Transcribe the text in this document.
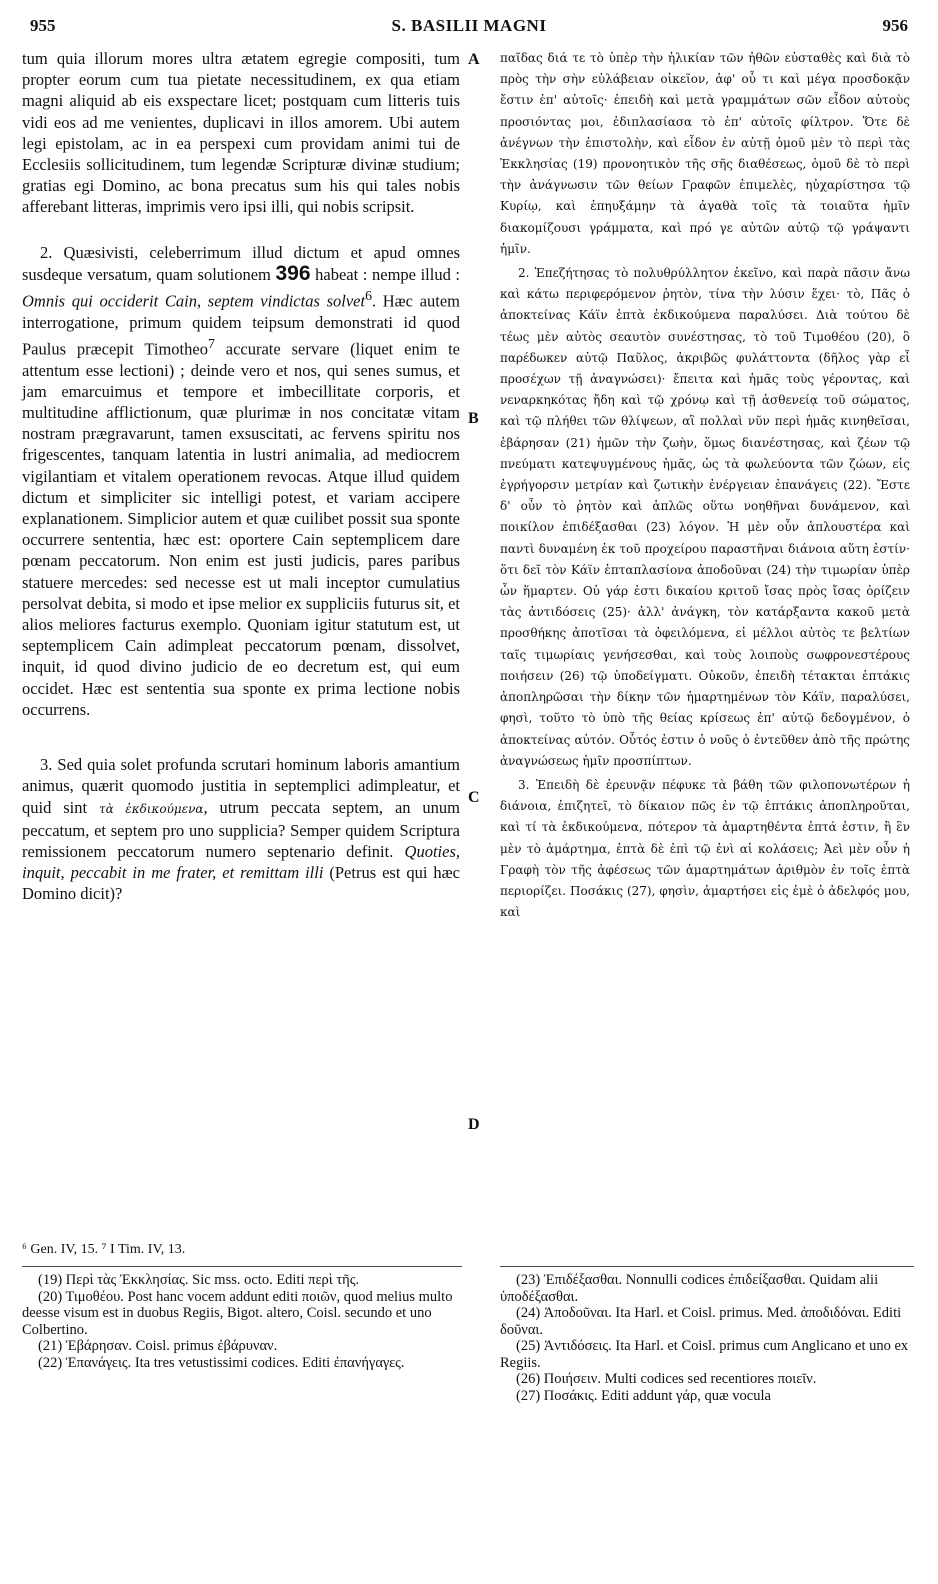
955	S. BASILII MAGNI	956
A
B
C
D

tum quia illorum mores ultra ætatem egregie compositi, tum propter eorum cum tua pietate necessitudinem, ex qua etiam magni aliquid ab eis exspectare licet; postquam cum litteris tuis vidi eos ad me venientes, duplicavi in illos amorem. Ubi autem legi epistolam, ac in ea perspexi cum providam animi tui de Ecclesiis sollicitudinem, tum legendæ Scripturæ divinæ studium; gratias egi Domino, ac bona precatus sum his qui tales nobis afferebant litteras, imprimis vero ipsi illi, qui nobis scripsit.

2. Quæsivisti, celeberrimum illud dictum et apud omnes susdeque versatum, quam solutionem 396 habeat : nempe illud : Omnis qui occiderit Cain, septem vindictas solvet$^6$. Hæc autem interrogatione, primum quidem teipsum demonstrati id quod Paulus præcepit Timotheo$^7$ accurate servare (liquet enim te attentum esse lectioni) ; deinde vero et nos, qui senes sumus, et jam emarcuimus et tempore et imbecillitate corporis, et multitudine afflictionum, quæ plurimæ in nos concitatæ vitam nostram prægravarunt, tamen exsuscitati, ac fervens spiritu nos frigescentes, tanquam latentia in lustri animalia, ad mediocrem vigilantiam et vitalem operationem revocas. Atque illud quidem dictum et simpliciter sic intelligi potest, et variam accipere explanationem. Simplicior autem et quæ cuilibet possit sua sponte occurrere sententia, hæc est: oportere Cain septemplicem dare pœnam peccatorum. Non enim est justi judicis, pares paribus statuere mercedes: sed necesse est ut mali inceptor cumulatius persolvat debita, si modo et ipse melior ex suppliciis futurus sit, et alios meliores facturus exemplo. Quoniam igitur statutum est, ut septemplicem Cain adimpleat peccatorum pœnam, dissolvet, inquit, id quod divino judicio de eo decretum est, qui eum occidet. Hæc est sententia sua sponte ex prima lectione nobis occurrens.

3. Sed quia solet profunda scrutari hominum laboris amantium animus, quærit quomodo justitia in septemplici adimpleatur, et quid sint τὰ ἐκδικούμενα, utrum peccata septem, an unum peccatum, et septem pro uno supplicia? Semper quidem Scriptura remissionem peccatorum numero septenario definit. Quoties, inquit, peccabit in me frater, et remittam illi (Petrus est qui hæc Domino dicit)?

παῖδας διά τε τὸ ὑπὲρ τὴν ἡλικίαν τῶν ἠθῶν εὐσταθὲς καὶ διὰ τὸ πρὸς τὴν σὴν εὐλάβειαν οἰκεῖον, ἀφ' οὗ τι καὶ μέγα προσδοκᾷν ἔστιν ἐπ' αὐτοῖς· ἐπειδὴ καὶ μετὰ γραμμάτων σῶν εἶδον αὐτοὺς προσιόντας μοι, ἐδιπλασίασα τὸ ἐπ' αὐτοῖς φίλτρον. Ὅτε δὲ ἀνέγνων τὴν ἐπιστολὴν, καὶ εἶδον ἐν αὐτῇ ὁμοῦ μὲν τὸ περὶ τὰς Ἐκκλησίας (19) προνοητικὸν τῆς σῆς διαθέσεως, ὁμοῦ δὲ τὸ περὶ τὴν ἀνάγνωσιν τῶν θείων Γραφῶν ἐπιμελὲς, ηὐχαρίστησα τῷ Κυρίῳ, καὶ ἐπηυξάμην τὰ ἀγαθὰ τοῖς τὰ τοιαῦτα ἡμῖν διακομίζουσι γράμματα, καὶ πρό γε αὐτῶν αὐτῷ τῷ γράψαντι ἡμῖν.

2. Ἐπεζήτησας τὸ πολυθρύλλητον ἐκεῖνο, καὶ παρὰ πᾶσιν ἄνω καὶ κάτω περιφερόμενον ῥητὸν, τίνα τὴν λύσιν ἔχει· τὸ, Πᾶς ὁ ἀποκτείνας Κάϊν ἑπτὰ ἐκδικούμενα παραλύσει. Διὰ τούτου δὲ τέως μὲν αὐτὸς σεαυτὸν συνέστησας, τὸ τοῦ Τιμοθέου (20), ὃ παρέδωκεν αὐτῷ Παῦλος, ἀκριβῶς φυλάττοντα (δῆλος γὰρ εἶ προσέχων τῇ ἀναγνώσει)· ἔπειτα καὶ ἡμᾶς τοὺς γέροντας, καὶ νεναρκηκότας ἤδη καὶ τῷ χρόνῳ καὶ τῇ ἀσθενείᾳ τοῦ σώματος, καὶ τῷ πλήθει τῶν θλίψεων, αἳ πολλαὶ νῦν περὶ ἡμᾶς κινηθεῖσαι, ἐβάρησαν (21) ἡμῶν τὴν ζωὴν, ὅμως διανέστησας, καὶ ζέων τῷ πνεύματι κατεψυγμένους ἡμᾶς, ὡς τὰ φωλεύοντα τῶν ζώων, εἰς ἐγρήγορσιν μετρίαν καὶ ζωτικὴν ἐνέργειαν ἐπανάγεις (22). Ἔστε δ' οὖν τὸ ῥητὸν καὶ ἁπλῶς οὕτω νοηθῆναι δυνάμενον, καὶ ποικίλον ἐπιδέξασθαι (23) λόγον. Ἡ μὲν οὖν ἁπλουστέρα καὶ παντὶ δυναμένη ἐκ τοῦ προχείρου παραστῆναι διάνοια αὕτη ἐστίν· ὅτι δεῖ τὸν Κάϊν ἑπταπλασίονα ἀποδοῦναι (24) τὴν τιμωρίαν ὑπὲρ ὧν ἥμαρτεν. Οὐ γάρ ἐστι δικαίου κριτοῦ ἴσας πρὸς ἴσας ὁρίζειν τὰς ἀντιδόσεις (25)· ἀλλ' ἀνάγκη, τὸν κατάρξαντα κακοῦ μετὰ προσθήκης ἀποτῖσαι τὰ ὀφειλόμενα, εἰ μέλλοι αὐτὸς τε βελτίων ταῖς τιμωρίαις γενήσεσθαι, καὶ τοὺς λοιποὺς σωφρονεστέρους ποιήσειν (26) τῷ ὑποδείγματι. Οὐκοῦν, ἐπειδὴ τέτακται ἑπτάκις ἀποπληρῶσαι τὴν δίκην τῶν ἡμαρτημένων τὸν Κάϊν, παραλύσει, φησὶ, τοῦτο τὸ ὑπὸ τῆς θείας κρίσεως ἐπ' αὐτῷ δεδογμένον, ὁ ἀποκτείνας αὐτόν. Οὗτός ἐστιν ὁ νοῦς ὁ ἐντεῦθεν ἀπὸ τῆς πρώτης ἀναγνώσεως ἡμῖν προσπίπτων.

3. Ἐπειδὴ δὲ ἐρευνᾷν πέφυκε τὰ βάθη τῶν φιλοπονωτέρων ἡ διάνοια, ἐπιζητεῖ, τὸ δίκαιον πῶς ἐν τῷ ἑπτάκις ἀποπληροῦται, καὶ τί τὰ ἐκδικούμενα, πότερον τὰ ἁμαρτηθέντα ἑπτά ἐστιν, ἢ ἓν μὲν τὸ ἁμάρτημα, ἑπτὰ δὲ ἐπὶ τῷ ἑνὶ αἱ κολάσεις; Ἀεὶ μὲν οὖν ἡ Γραφὴ τὸν τῆς ἀφέσεως τῶν ἁμαρτημάτων ἀριθμὸν ἐν τοῖς ἑπτὰ περιορίζει. Ποσάκις (27), φησὶν, ἁμαρτήσει εἰς ἐμὲ ὁ ἀδελφός μου, καὶ

⁶ Gen. IV, 15. ⁷ I Tim. IV, 13.

(19) Περὶ τὰς Ἐκκλησίας. Sic mss. octo. Editi περὶ τῆς.

(20) Τιμοθέου. Post hanc vocem addunt editi ποιῶν, quod melius multo deesse visum est in duobus Regiis, Bigot. altero, Coisl. secundo et uno Colbertino.

(21) Ἐβάρησαν. Coisl. primus ἐβάρυναν.

(22) Ἐπανάγεις. Ita tres vetustissimi codices. Editi ἐπανήγαγες.

(23) Ἐπιδέξασθαι. Nonnulli codices ἐπιδείξασθαι. Quidam alii ὑποδέξασθαι.

(24) Ἀποδοῦναι. Ita Harl. et Coisl. primus. Med. ἀποδιδόναι. Editi δοῦναι.

(25) Ἀντιδόσεις. Ita Harl. et Coisl. primus cum Anglicano et uno ex Regiis.

(26) Ποιήσειν. Multi codices sed recentiores ποιεῖν.

(27) Ποσάκις. Editi addunt γάρ, quæ vocula
